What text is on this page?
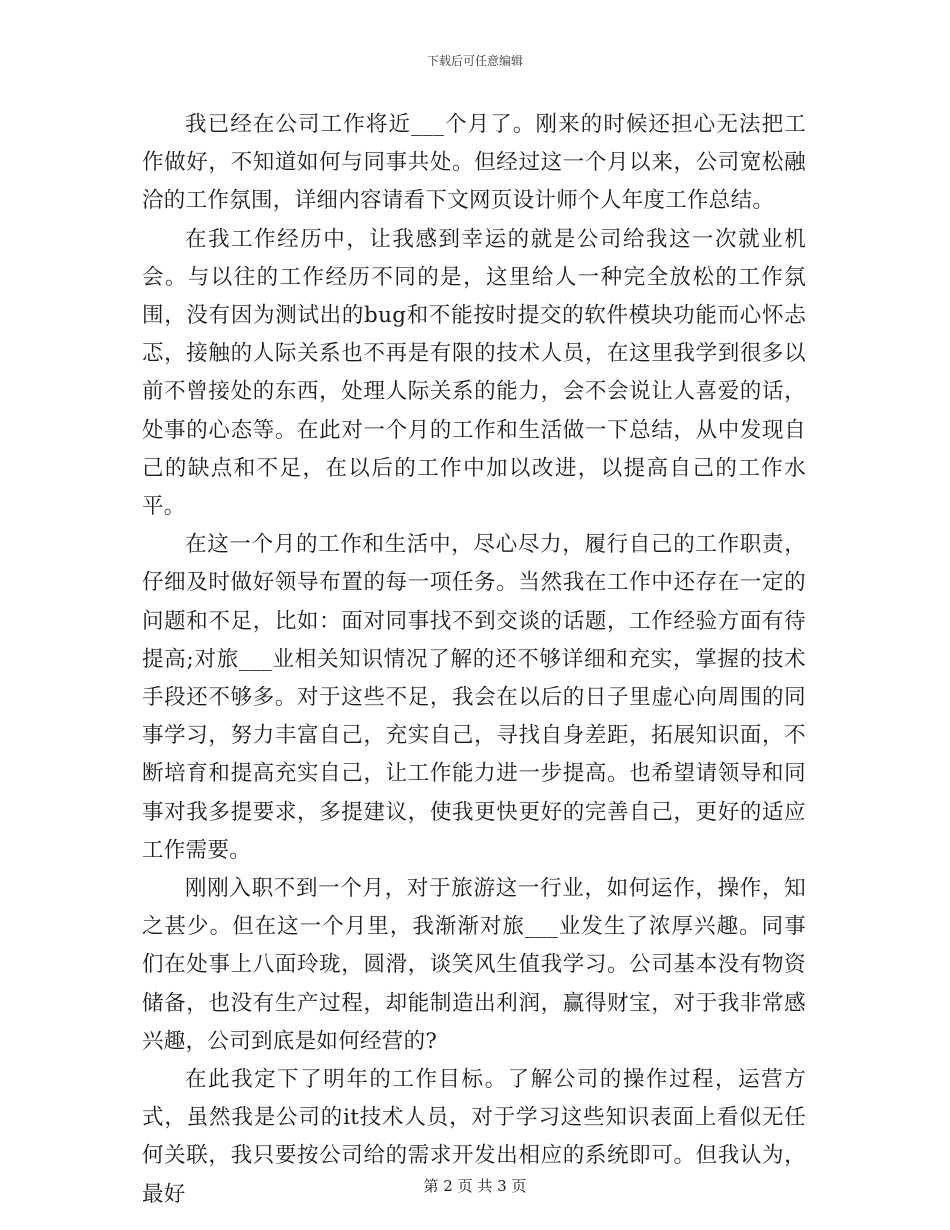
下载后可任意编辑

我已经在公司工作将近___个月了。刚来的时候还担心无法把工作做好，不知道如何与同事共处。但经过这一个月以来，公司宽松融洽的工作氛围，详细内容请看下文网页设计师个人年度工作总结。

在我工作经历中，让我感到幸运的就是公司给我这一次就业机会。与以往的工作经历不同的是，这里给人一种完全放松的工作氛围，没有因为测试出的bug和不能按时提交的软件模块功能而心怀忐忑，接触的人际关系也不再是有限的技术人员，在这里我学到很多以前不曾接处的东西，处理人际关系的能力，会不会说让人喜爱的话，处事的心态等。在此对一个月的工作和生活做一下总结，从中发现自己的缺点和不足，在以后的工作中加以改进，以提高自己的工作水平。

在这一个月的工作和生活中，尽心尽力，履行自己的工作职责，仔细及时做好领导布置的每一项任务。当然我在工作中还存在一定的问题和不足，比如：面对同事找不到交谈的话题，工作经验方面有待提高;对旅___业相关知识情况了解的还不够详细和充实，掌握的技术手段还不够多。对于这些不足，我会在以后的日子里虚心向周围的同事学习，努力丰富自己，充实自己，寻找自身差距，拓展知识面，不断培育和提高充实自己，让工作能力进一步提高。也希望请领导和同事对我多提要求，多提建议，使我更快更好的完善自己，更好的适应工作需要。

刚刚入职不到一个月，对于旅游这一行业，如何运作，操作，知之甚少。但在这一个月里，我渐渐对旅___业发生了浓厚兴趣。同事们在处事上八面玲珑，圆滑，谈笑风生值我学习。公司基本没有物资储备，也没有生产过程，却能制造出利润，赢得财宝，对于我非常感兴趣，公司到底是如何经营的?

在此我定下了明年的工作目标。了解公司的操作过程，运营方式，虽然我是公司的it技术人员，对于学习这些知识表面上看似无任何关联，我只要按公司给的需求开发出相应的系统即可。但我认为，最好	第 2 页 共 3 页
